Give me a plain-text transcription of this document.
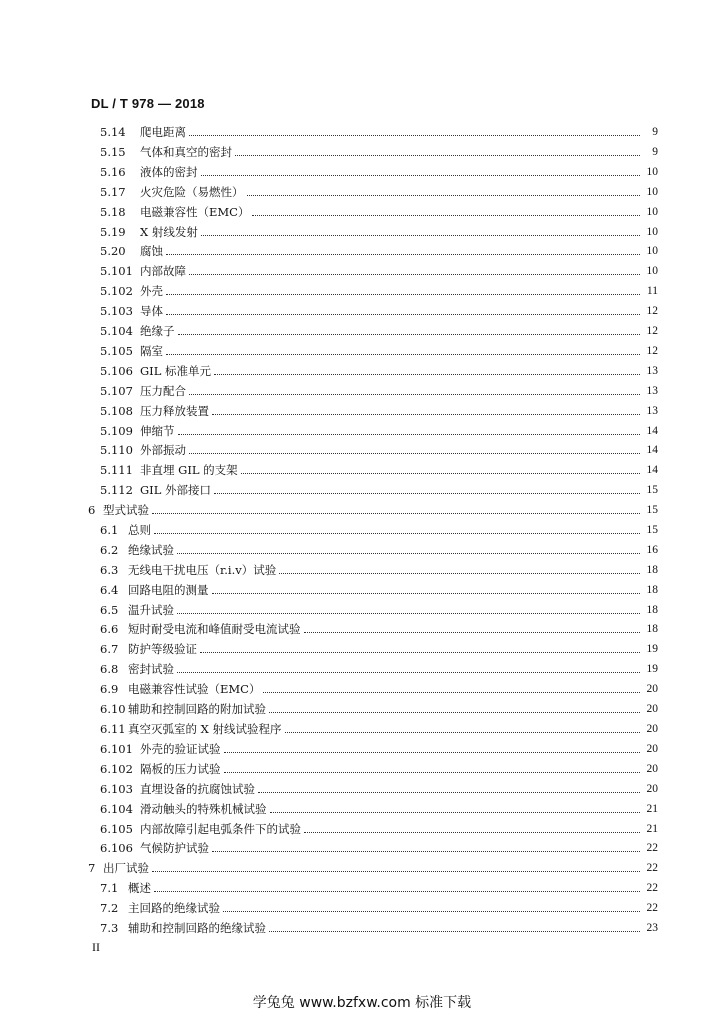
DL / T 978 — 2018
5.14 爬电距离	9
5.15 气体和真空的密封	9
5.16 液体的密封	10
5.17 火灾危险（易燃性）	10
5.18 电磁兼容性（EMC）	10
5.19 X 射线发射	10
5.20 腐蚀	10
5.101 内部故障	10
5.102 外壳	11
5.103 导体	12
5.104 绝缘子	12
5.105 隔室	12
5.106 GIL 标准单元	13
5.107 压力配合	13
5.108 压力释放装置	13
5.109 伸缩节	14
5.110 外部振动	14
5.111 非直埋 GIL 的支架	14
5.112 GIL 外部接口	15
6 型式试验	15
6.1 总则	15
6.2 绝缘试验	16
6.3 无线电干扰电压（r.i.v）试验	18
6.4 回路电阻的测量	18
6.5 温升试验	18
6.6 短时耐受电流和峰值耐受电流试验	18
6.7 防护等级验证	19
6.8 密封试验	19
6.9 电磁兼容性试验（EMC）	20
6.10 辅助和控制回路的附加试验	20
6.11 真空灭弧室的 X 射线试验程序	20
6.101 外壳的验证试验	20
6.102 隔板的压力试验	20
6.103 直埋设备的抗腐蚀试验	20
6.104 滑动触头的特殊机械试验	21
6.105 内部故障引起电弧条件下的试验	21
6.106 气候防护试验	22
7 出厂试验	22
7.1 概述	22
7.2 主回路的绝缘试验	22
7.3 辅助和控制回路的绝缘试验	23
II
学兔兔 www.bzfxw.com 标准下载
